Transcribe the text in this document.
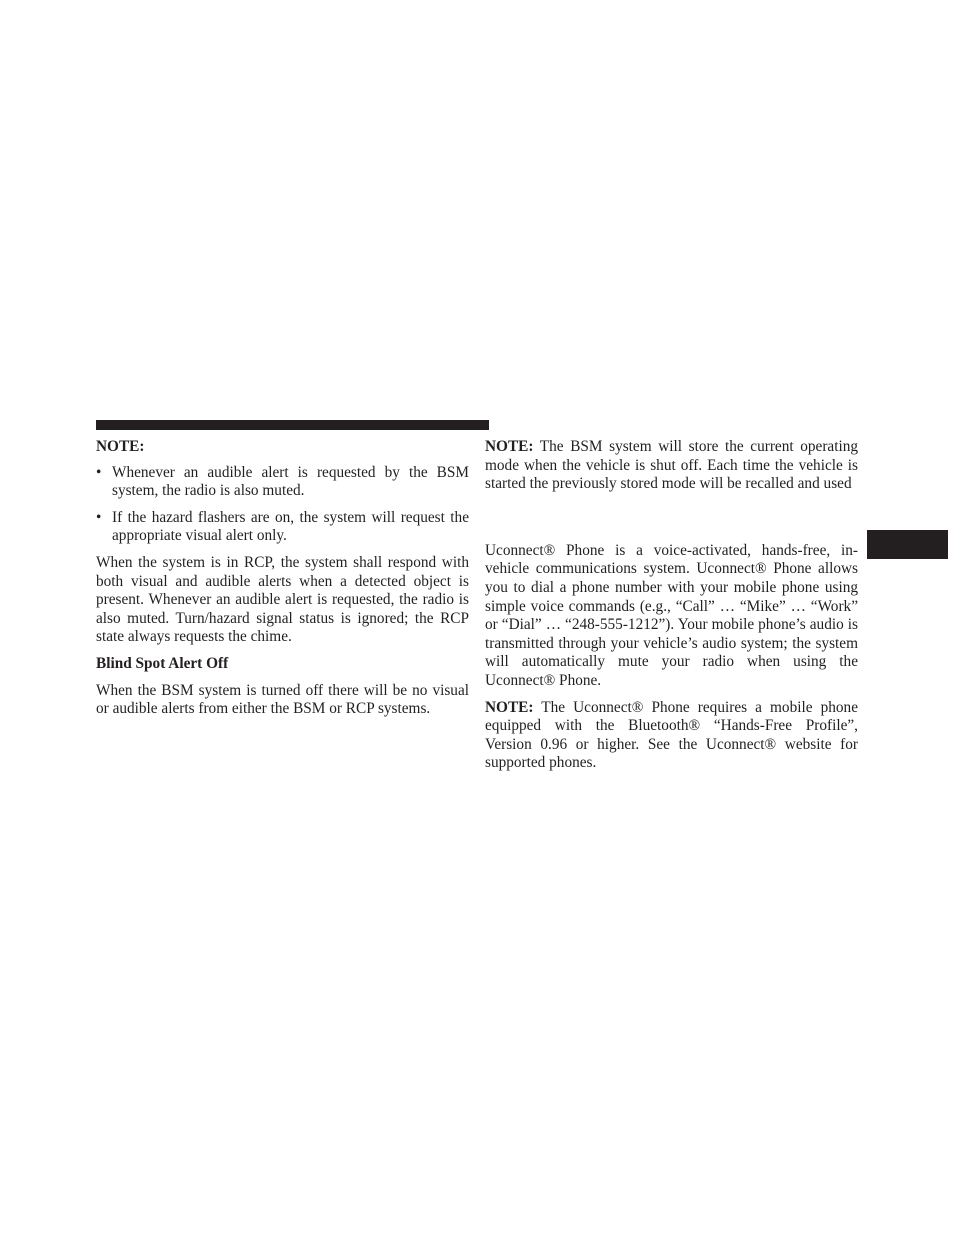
NOTE:

• Whenever an audible alert is requested by the BSM system, the radio is also muted.
• If the hazard flashers are on, the system will request the appropriate visual alert only.

When the system is in RCP, the system shall respond with both visual and audible alerts when a detected object is present. Whenever an audible alert is requested, the radio is also muted. Turn/hazard signal status is ignored; the RCP state always requests the chime.

Blind Spot Alert Off

When the BSM system is turned off there will be no visual or audible alerts from either the BSM or RCP systems.

NOTE: The BSM system will store the current operating mode when the vehicle is shut off. Each time the vehicle is started the previously stored mode will be recalled and used

Uconnect® Phone is a voice-activated, hands-free, in-vehicle communications system. Uconnect® Phone allows you to dial a phone number with your mobile phone using simple voice commands (e.g., “Call” … “Mike” … “Work” or “Dial” … “248-555-1212”). Your mobile phone’s audio is transmitted through your vehicle’s audio system; the system will automatically mute your radio when using the Uconnect® Phone.

NOTE: The Uconnect® Phone requires a mobile phone equipped with the Bluetooth® “Hands-Free Profile”, Version 0.96 or higher. See the Uconnect® website for supported phones.
